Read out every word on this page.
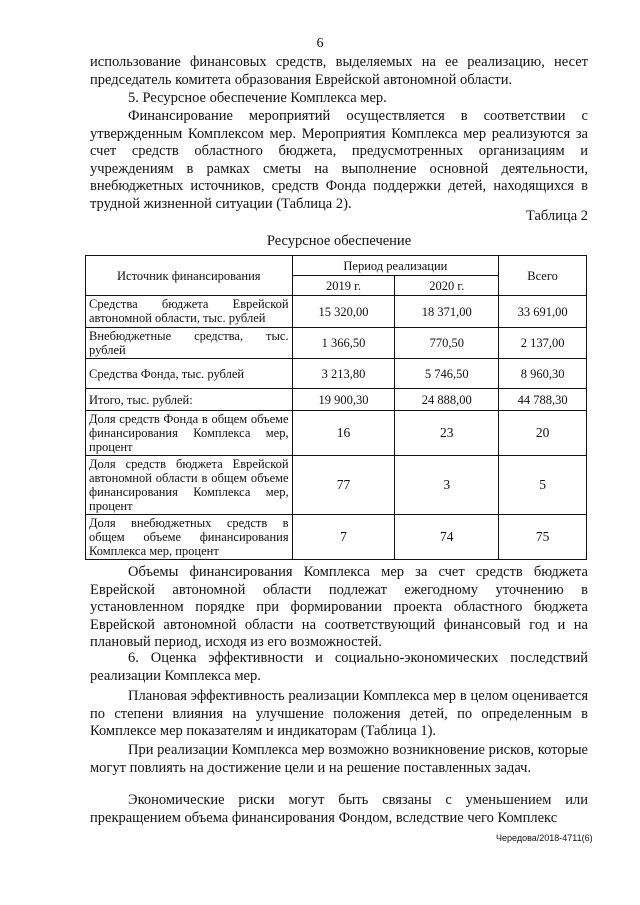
6
использование финансовых средств, выделяемых на ее реализацию, несет председатель комитета образования Еврейской автономной области.
5. Ресурсное обеспечение Комплекса мер.
Финансирование мероприятий осуществляется в соответствии с утвержденным Комплексом мер. Мероприятия Комплекса мер реализуются за счет средств областного бюджета, предусмотренных организациям и учреждениям в рамках сметы на выполнение основной деятельности, внебюджетных источников, средств Фонда поддержки детей, находящихся в трудной жизненной ситуации (Таблица 2).
Таблица 2
Ресурсное обеспечение
Источник финансирования	Период реализации		Всего
	2019 г.	2020 г.	
Средства бюджета Еврейской автономной области, тыс. рублей	15 320,00	18 371,00	33 691,00
Внебюджетные средства, тыс. рублей	1 366,50	770,50	2 137,00
Средства Фонда, тыс. рублей	3 213,80	5 746,50	8 960,30
Итого, тыс. рублей:	19 900,30	24 888,00	44 788,30
Доля средств Фонда в общем объеме финансирования Комплекса мер, процент	16	23	20
Доля средств бюджета Еврейской автономной области в общем объеме финансирования Комплекса мер, процент	77	3	5
Доля внебюджетных средств в общем объеме финансирования Комплекса мер, процент	7	74	75
Объемы финансирования Комплекса мер за счет средств бюджета Еврейской автономной области подлежат ежегодному уточнению в установленном порядке при формировании проекта областного бюджета Еврейской автономной области на соответствующий финансовый год и на плановый период, исходя из его возможностей.
6. Оценка эффективности и социально-экономических последствий реализации Комплекса мер.
Плановая эффективность реализации Комплекса мер в целом оценивается по степени влияния на улучшение положения детей, по определенным в Комплексе мер показателям и индикаторам (Таблица 1).
При реализации Комплекса мер возможно возникновение рисков, которые могут повлиять на достижение цели и на решение поставленных задач.
Экономические риски могут быть связаны с уменьшением или прекращением объема финансирования Фондом, вследствие чего Комплекс
Чередова/2018-4711(6)
